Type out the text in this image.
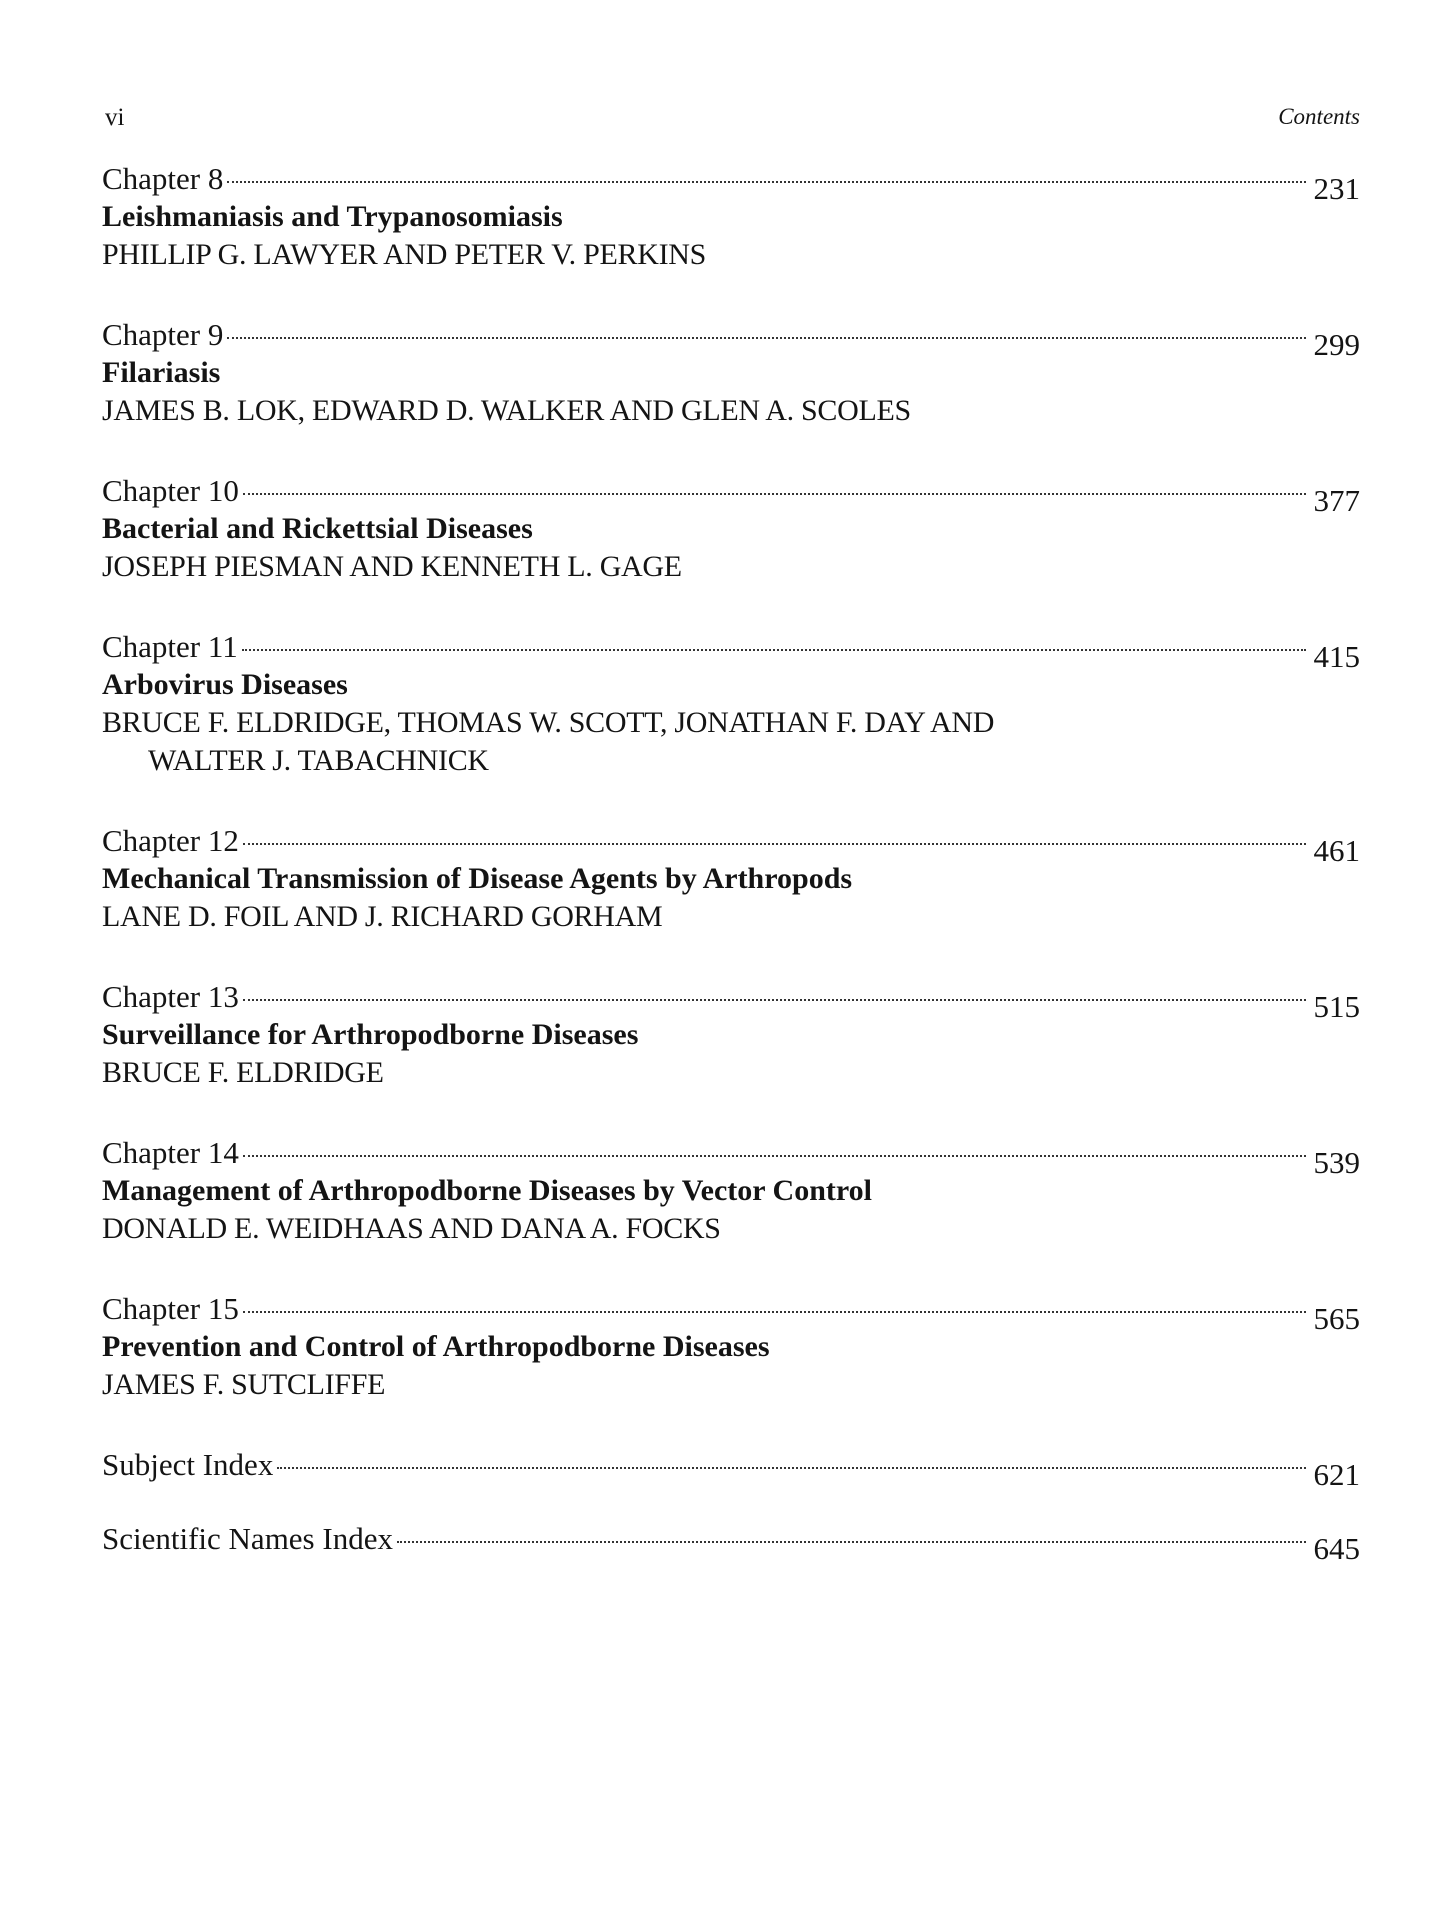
vi	Contents
Chapter 8	231
Leishmaniasis and Trypanosomiasis
PHILLIP G. LAWYER AND PETER V. PERKINS
Chapter 9	299
Filariasis
JAMES B. LOK, EDWARD D. WALKER AND GLEN A. SCOLES
Chapter 10	377
Bacterial and Rickettsial Diseases
JOSEPH PIESMAN AND KENNETH L. GAGE
Chapter 11	415
Arbovirus Diseases
BRUCE F. ELDRIDGE, THOMAS W. SCOTT, JONATHAN F. DAY AND
WALTER J. TABACHNICK
Chapter 12	461
Mechanical Transmission of Disease Agents by Arthropods
LANE D. FOIL AND J. RICHARD GORHAM
Chapter 13	515
Surveillance for Arthropodborne Diseases
BRUCE F. ELDRIDGE
Chapter 14	539
Management of Arthropodborne Diseases by Vector Control
DONALD E. WEIDHAAS AND DANA A. FOCKS
Chapter 15	565
Prevention and Control of Arthropodborne Diseases
JAMES F. SUTCLIFFE
Subject Index	621
Scientific Names Index	645
